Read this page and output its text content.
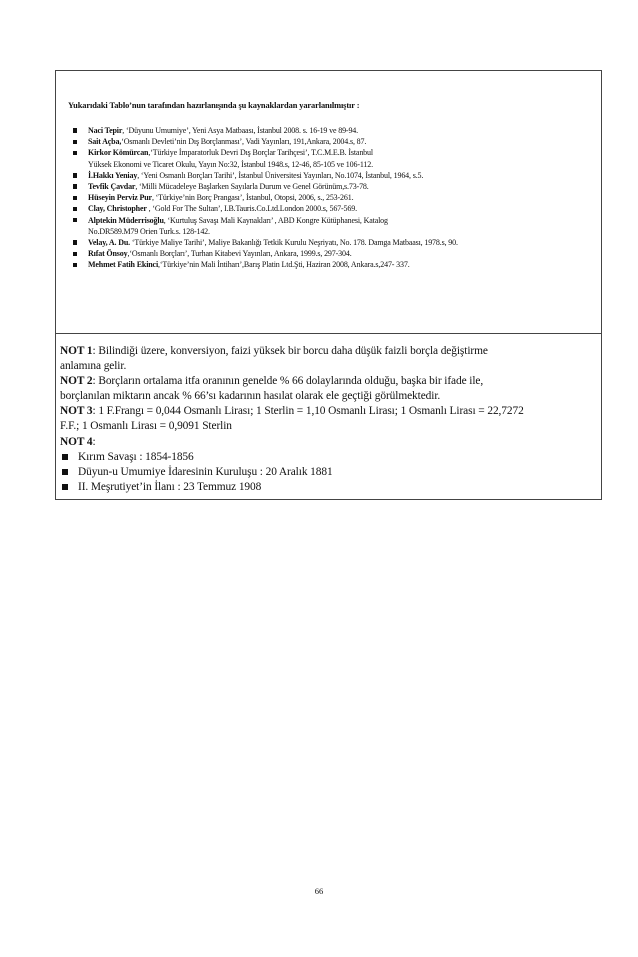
Yukarıdaki Tablo’nun tarafından hazırlanışında şu kaynaklardan yararlanılmıştır :
Naci Tepir, ‘Düyunu Umumiye’, Yeni Asya Matbaası, İstanbul 2008. s. 16-19 ve 89-94.
Sait Açba,‘Osmanlı Devleti’nin Dış Borçlanması’, Vadi Yayınları, 191,Ankara, 2004.s, 87.
Kirkor Kömürcan,‘Türkiye İmparatorluk Devri Dış Borçlar Tarihçesi’, T.C.M.E.B. İstanbul
Yüksek Ekonomi ve Ticaret Okulu, Yayın No:32, İstanbul 1948.s, 12-46, 85-105 ve 106-112.
İ.Hakkı Yeniay, ‘Yeni Osmanlı Borçları Tarihi’, İstanbul Üniversitesi Yayınları, No.1074, İstanbul, 1964, s.5.
Tevfik Çavdar, ‘Milli Mücadeleye Başlarken Sayılarla Durum ve Genel Görünüm,s.73-78.
Hüseyin Perviz Pur, ‘Türkiye’nin Borç Prangası’, İstanbul, Otopsi, 2006, s., 253-261.
Clay, Christopher , ‘Gold For The Sultan’, I.B.Tauris.Co.Ltd.London 2000.s, 567-569.
Alptekin Müderrisoğlu, ‘Kurtuluş Savaşı Mali Kaynakları’ , ABD Kongre Kütüphanesi, Katalog
No.DR589.M79 Orien Turk.s. 128-142.
Velay, A. Du. ‘Türkiye Maliye Tarihi’, Maliye Bakanlığı Tetkik Kurulu Neşriyatı, No. 178. Damga Matbaası, 1978.s, 90.
Rıfat Önsoy,‘Osmanlı Borçları’, Turhan Kitabevi Yayınları, Ankara, 1999.s, 297-304.
Mehmet Fatih Ekinci,‘Türkiye’nin Mali İntiharı’,Barış Platin Ltd.Şti, Haziran 2008, Ankara.s,247- 337.

NOT 1: Bilindiği üzere, konversiyon, faizi yüksek bir borcu daha düşük faizli borçla değiştirme
anlamına gelir.

NOT 2: Borçların ortalama itfa oranının genelde % 66 dolaylarında olduğu, başka bir ifade ile,
borçlanılan miktarın ancak % 66’sı kadarının hasılat olarak ele geçtiği görülmektedir.

NOT 3: 1 F.Frangı = 0,044 Osmanlı Lirası; 1 Sterlin = 1,10 Osmanlı Lirası; 1 Osmanlı Lirası = 22,7272
F.F.; 1 Osmanlı Lirası = 0,9091 Sterlin

NOT 4:

Kırım Savaşı : 1854-1856
Düyun-u Umumiye İdaresinin Kuruluşu : 20 Aralık 1881
II. Meşrutiyet’in İlanı : 23 Temmuz 1908
66
